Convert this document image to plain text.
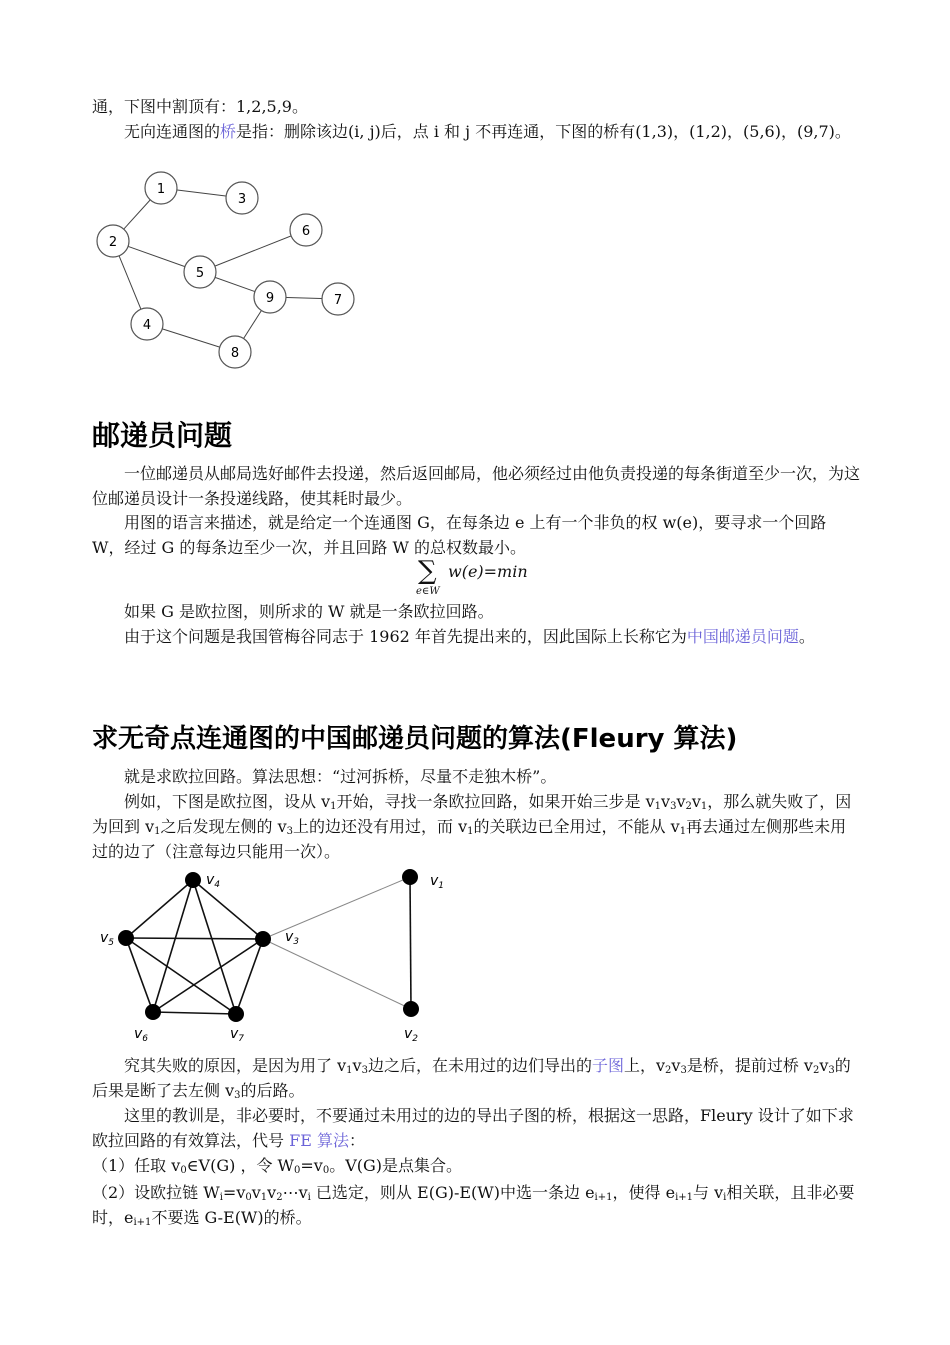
通，下图中割顶有：1,2,5,9。

无向连通图的桥是指：删除该边(i, j)后，点 i 和 j 不再连通，下图的桥有(1,3)，(1,2)，(5,6)，(9,7)。

1
3
2
6
5
9	7
4
8
邮递员问题

一位邮递员从邮局选好邮件去投递，然后返回邮局，他必须经过由他负责投递的每条街道至少一次，为这位邮递员设计一条投递线路，使其耗时最少。

用图的语言来描述，就是给定一个连通图 G，在每条边 e 上有一个非负的权 w(e)，要寻求一个回路 W，经过 G 的每条边至少一次，并且回路 W 的总权数最小。

∑
e∈W
w(e)=min

如果 G 是欧拉图，则所求的 W 就是一条欧拉回路。

由于这个问题是我国管梅谷同志于 1962 年首先提出来的，因此国际上长称它为中国邮递员问题。

求无奇点连通图的中国邮递员问题的算法(Fleury 算法)

就是求欧拉回路。算法思想：“过河拆桥，尽量不走独木桥”。

例如，下图是欧拉图，设从 $v_1$开始，寻找一条欧拉回路，如果开始三步是 $v_1v_3v_2v_1$，那么就失败了，因为回到 $v_1$之后发现左侧的 $v_3$上的边还没有用过，而 $v_1$的关联边已全用过，不能从 $v_1$再去通过左侧那些未用过的边了（注意每边只能用一次）。

$v_4$	$v_1$
$v_5$	$v_3$
$v_6$	$v_7$	$v_2$

究其失败的原因，是因为用了 $v_1v_3$边之后，在未用过的边们导出的子图上，$v_2v_3$是桥，提前过桥 $v_2v_3$的后果是断了去左侧 $v_3$的后路。

这里的教训是，非必要时，不要通过未用过的边的导出子图的桥，根据这一思路，Fleury 设计了如下求欧拉回路的有效算法，代号 FE 算法：

（1）任取 $v_0\in V(G)$ ，令 $W_0=v_0$。V(G)是点集合。

（2）设欧拉链 $W_i=v_0v_1v_2\cdots v_i$ 已选定，则从 E(G)-E(W)中选一条边 $e_{i+1}$，使得 $e_{i+1}$与 $v_i$相关联，且非必要时，$e_{i+1}$不要选 G-E(W)的桥。
